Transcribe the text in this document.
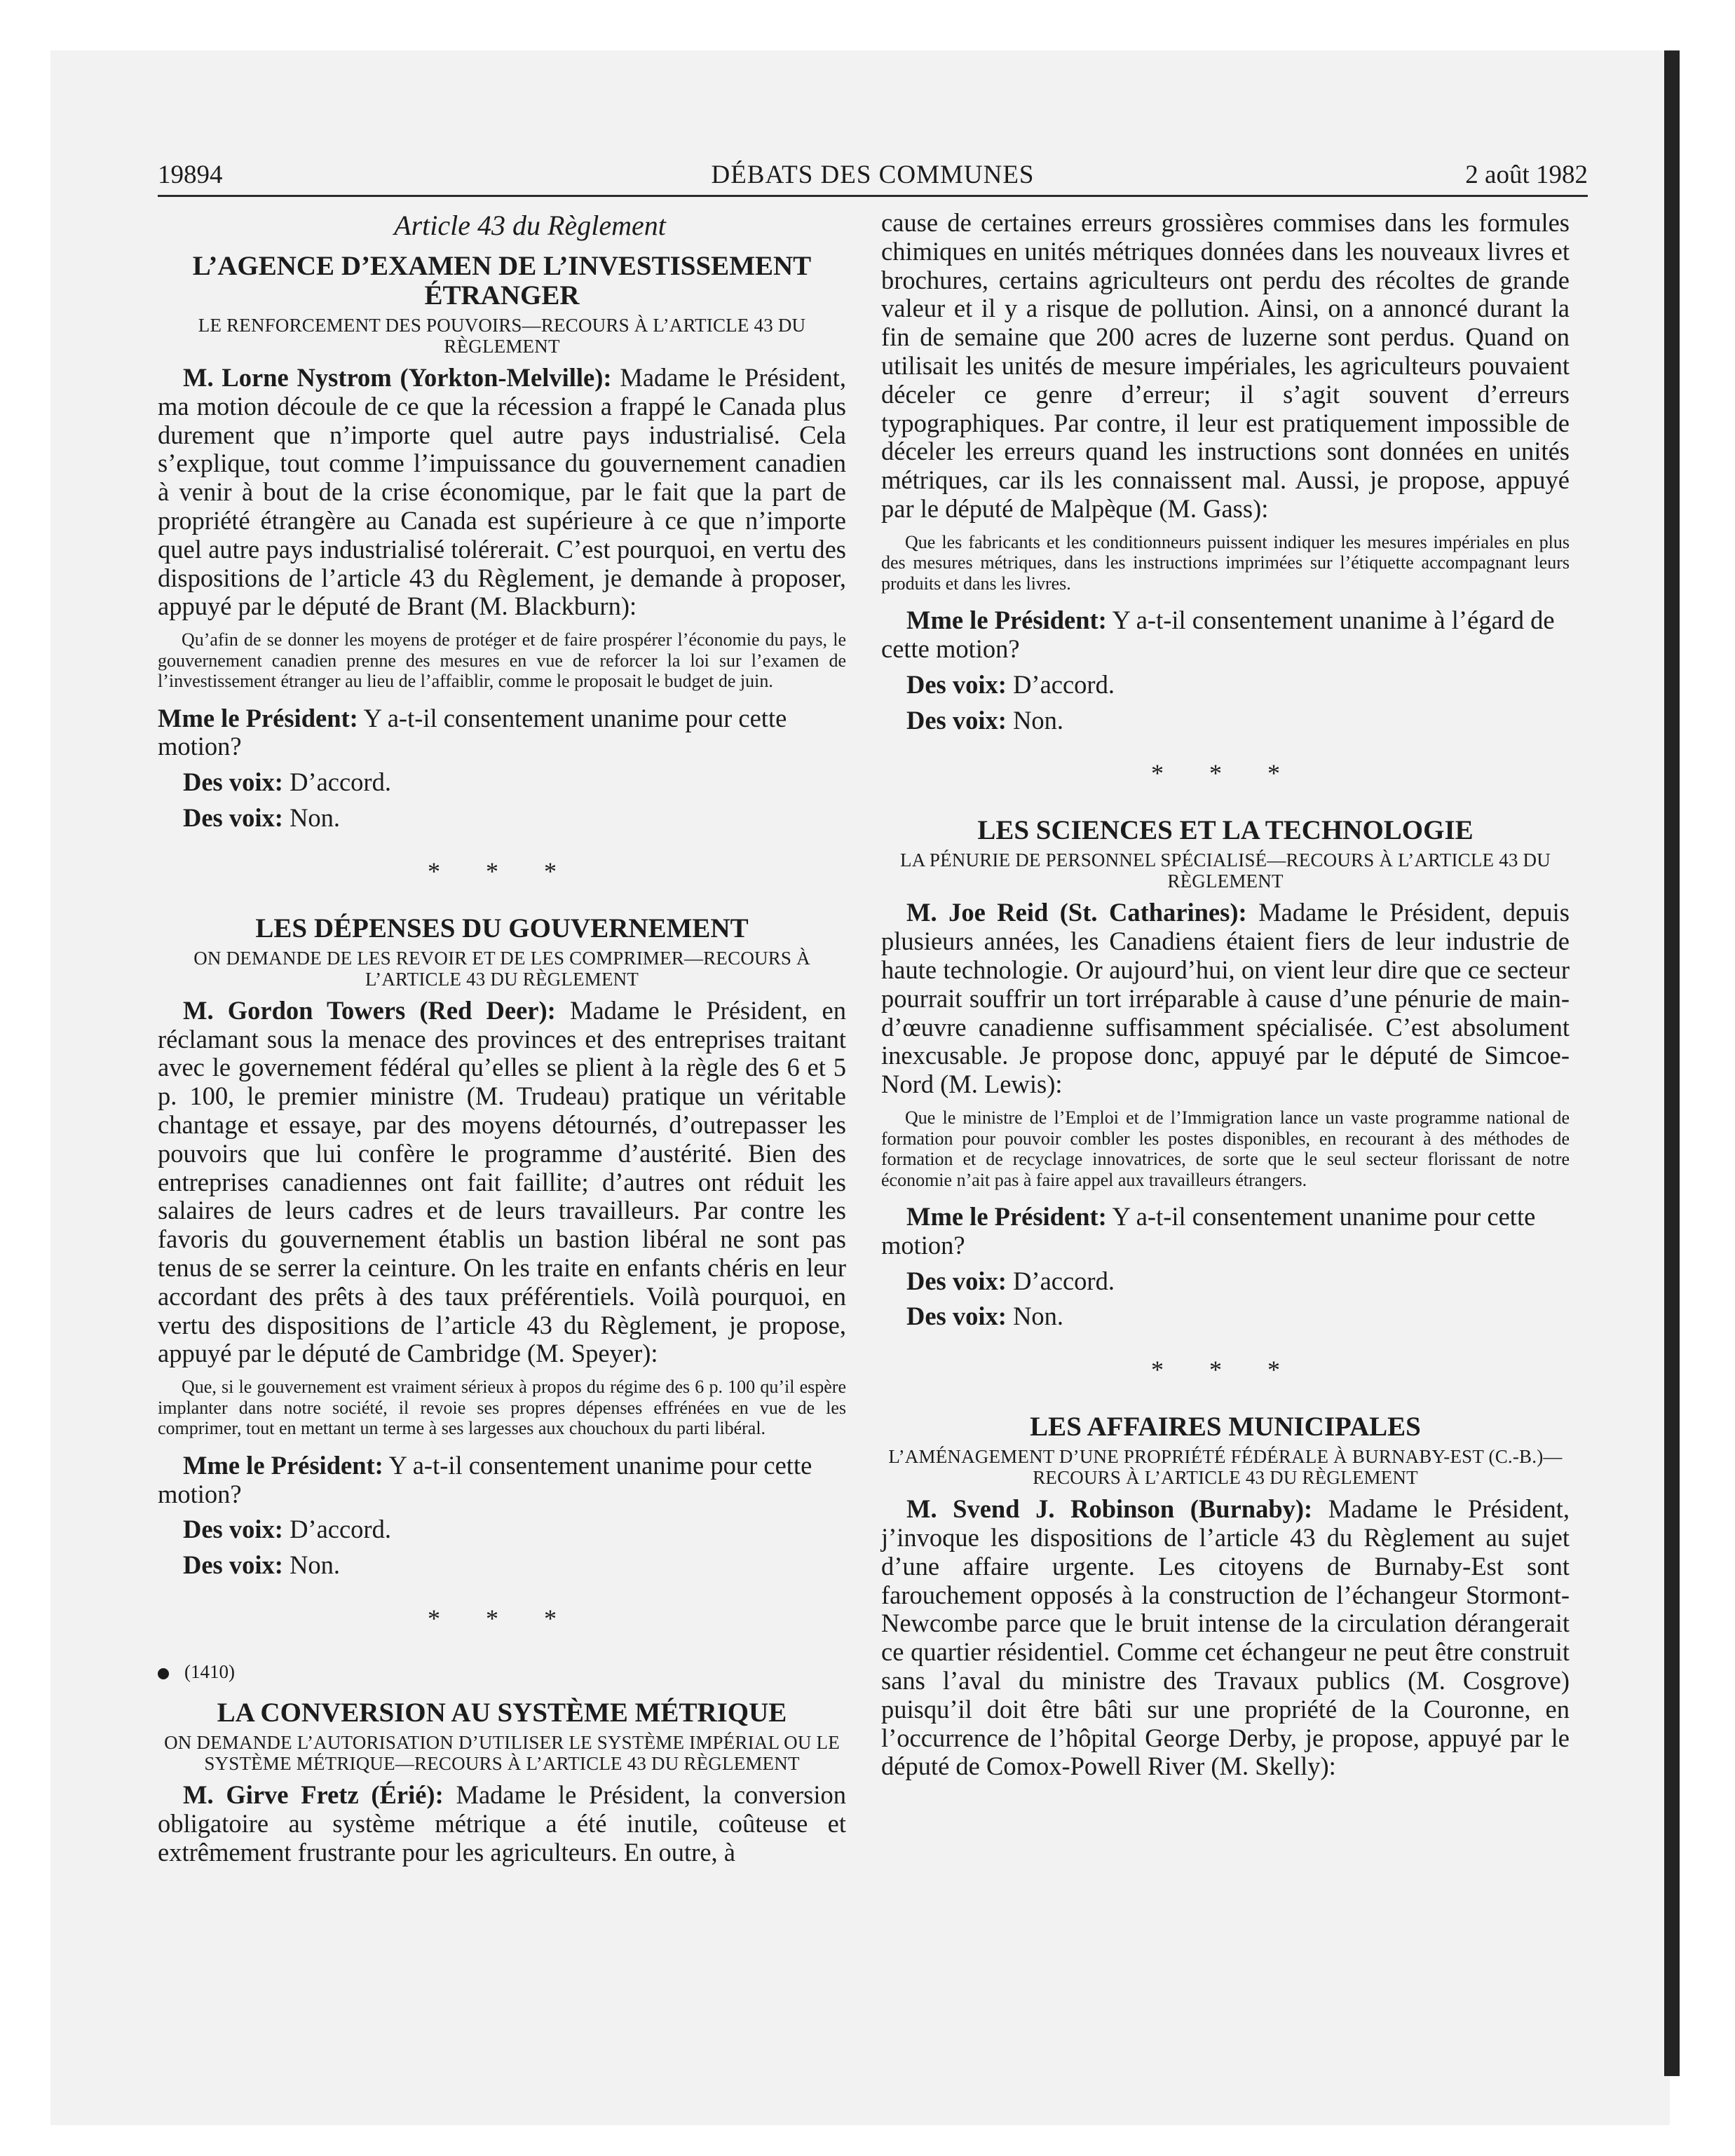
19894	DÉBATS DES COMMUNES	2 août 1982

Article 43 du Règlement

L’AGENCE D’EXAMEN DE L’INVESTISSEMENT ÉTRANGER

LE RENFORCEMENT DES POUVOIRS—RECOURS À L’ARTICLE 43 DU RÈGLEMENT

M. Lorne Nystrom (Yorkton-Melville): Madame le Président, ma motion découle de ce que la récession a frappé le Canada plus durement que n’importe quel autre pays industrialisé. Cela s’explique, tout comme l’impuissance du gouvernement canadien à venir à bout de la crise économique, par le fait que la part de propriété étrangère au Canada est supérieure à ce que n’importe quel autre pays industrialisé tolérerait. C’est pourquoi, en vertu des dispositions de l’article 43 du Règlement, je demande à proposer, appuyé par le député de Brant (M. Blackburn):

Qu’afin de se donner les moyens de protéger et de faire prospérer l’économie du pays, le gouvernement canadien prenne des mesures en vue de reforcer la loi sur l’examen de l’investissement étranger au lieu de l’affaiblir, comme le proposait le budget de juin.

Mme le Président: Y a-t-il consentement unanime pour cette motion?

Des voix: D’accord.

Des voix: Non.

* * *

LES DÉPENSES DU GOUVERNEMENT

ON DEMANDE DE LES REVOIR ET DE LES COMPRIMER—RECOURS À L’ARTICLE 43 DU RÈGLEMENT

M. Gordon Towers (Red Deer): Madame le Président, en réclamant sous la menace des provinces et des entreprises traitant avec le governement fédéral qu’elles se plient à la règle des 6 et 5 p. 100, le premier ministre (M. Trudeau) pratique un véritable chantage et essaye, par des moyens détournés, d’outrepasser les pouvoirs que lui confère le programme d’austérité. Bien des entreprises canadiennes ont fait faillite; d’autres ont réduit les salaires de leurs cadres et de leurs travailleurs. Par contre les favoris du gouvernement établis un bastion libéral ne sont pas tenus de se serrer la ceinture. On les traite en enfants chéris en leur accordant des prêts à des taux préférentiels. Voilà pourquoi, en vertu des dispositions de l’article 43 du Règlement, je propose, appuyé par le député de Cambridge (M. Speyer):

Que, si le gouvernement est vraiment sérieux à propos du régime des 6 p. 100 qu’il espère implanter dans notre société, il revoie ses propres dépenses effrénées en vue de les comprimer, tout en mettant un terme à ses largesses aux chouchoux du parti libéral.

Mme le Président: Y a-t-il consentement unanime pour cette motion?

Des voix: D’accord.

Des voix: Non.

* * *

(1410)

LA CONVERSION AU SYSTÈME MÉTRIQUE

ON DEMANDE L’AUTORISATION D’UTILISER LE SYSTÈME IMPÉRIAL OU LE SYSTÈME MÉTRIQUE—RECOURS À L’ARTICLE 43 DU RÈGLEMENT

M. Girve Fretz (Érié): Madame le Président, la conversion obligatoire au système métrique a été inutile, coûteuse et extrêmement frustrante pour les agriculteurs. En outre, à

cause de certaines erreurs grossières commises dans les formules chimiques en unités métriques données dans les nouveaux livres et brochures, certains agriculteurs ont perdu des récoltes de grande valeur et il y a risque de pollution. Ainsi, on a annoncé durant la fin de semaine que 200 acres de luzerne sont perdus. Quand on utilisait les unités de mesure impériales, les agriculteurs pouvaient déceler ce genre d’erreur; il s’agit souvent d’erreurs typographiques. Par contre, il leur est pratiquement impossible de déceler les erreurs quand les instructions sont données en unités métriques, car ils les connaissent mal. Aussi, je propose, appuyé par le député de Malpèque (M. Gass):

Que les fabricants et les conditionneurs puissent indiquer les mesures impériales en plus des mesures métriques, dans les instructions imprimées sur l’étiquette accompagnant leurs produits et dans les livres.

Mme le Président: Y a-t-il consentement unanime à l’égard de cette motion?

Des voix: D’accord.

Des voix: Non.

* * *

LES SCIENCES ET LA TECHNOLOGIE

LA PÉNURIE DE PERSONNEL SPÉCIALISÉ—RECOURS À L’ARTICLE 43 DU RÈGLEMENT

M. Joe Reid (St. Catharines): Madame le Président, depuis plusieurs années, les Canadiens étaient fiers de leur industrie de haute technologie. Or aujourd’hui, on vient leur dire que ce secteur pourrait souffrir un tort irréparable à cause d’une pénurie de main-d’œuvre canadienne suffisamment spécialisée. C’est absolument inexcusable. Je propose donc, appuyé par le député de Simcoe-Nord (M. Lewis):

Que le ministre de l’Emploi et de l’Immigration lance un vaste programme national de formation pour pouvoir combler les postes disponibles, en recourant à des méthodes de formation et de recyclage innovatrices, de sorte que le seul secteur florissant de notre économie n’ait pas à faire appel aux travailleurs étrangers.

Mme le Président: Y a-t-il consentement unanime pour cette motion?

Des voix: D’accord.

Des voix: Non.

* * *

LES AFFAIRES MUNICIPALES

L’AMÉNAGEMENT D’UNE PROPRIÉTÉ FÉDÉRALE À BURNABY-EST (C.-B.)—RECOURS À L’ARTICLE 43 DU RÈGLEMENT

M. Svend J. Robinson (Burnaby): Madame le Président, j’invoque les dispositions de l’article 43 du Règlement au sujet d’une affaire urgente. Les citoyens de Burnaby-Est sont farouchement opposés à la construction de l’échangeur Stormont-Newcombe parce que le bruit intense de la circulation dérangerait ce quartier résidentiel. Comme cet échangeur ne peut être construit sans l’aval du ministre des Travaux publics (M. Cosgrove) puisqu’il doit être bâti sur une propriété de la Couronne, en l’occurrence de l’hôpital George Derby, je propose, appuyé par le député de Comox-Powell River (M. Skelly):
